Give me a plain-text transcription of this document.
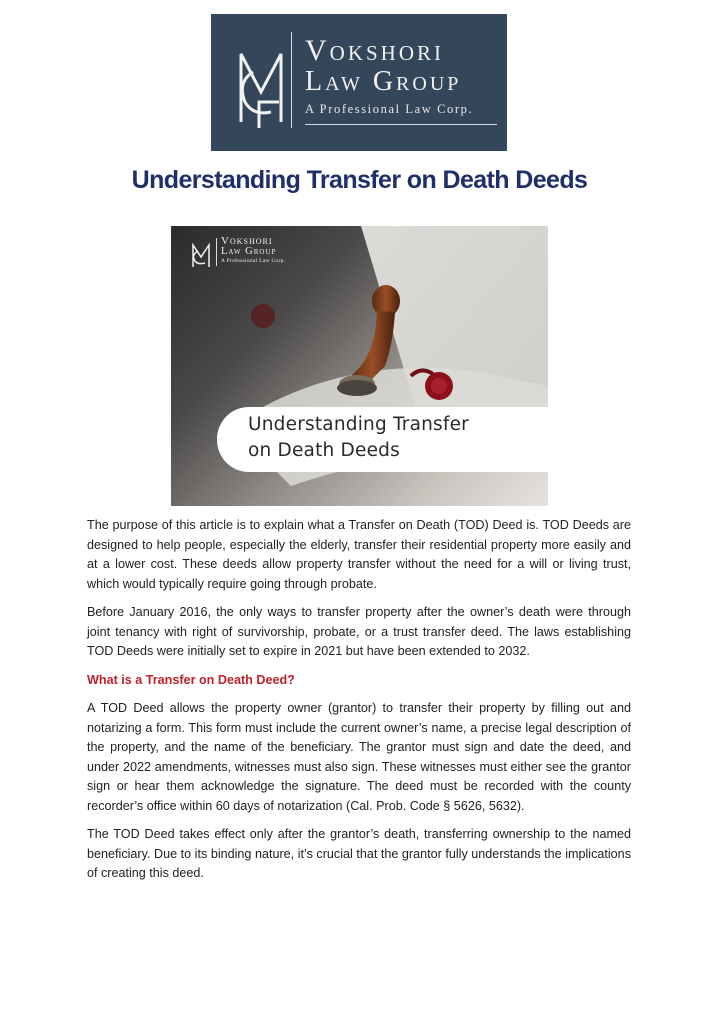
Vokshori
Law Group
A Professional Law Corp.
Understanding Transfer on Death Deeds
Vokshori
Law Group
A Professional Law Corp.
Understanding Transfer
on Death Deeds

The purpose of this article is to explain what a Transfer on Death (TOD) Deed is. TOD Deeds are designed to help people, especially the elderly, transfer their residential property more easily and at a lower cost. These deeds allow property transfer without the need for a will or living trust, which would typically require going through probate.

Before January 2016, the only ways to transfer property after the owner’s death were through joint tenancy with right of survivorship, probate, or a trust transfer deed. The laws establishing TOD Deeds were initially set to expire in 2021 but have been extended to 2032.

What is a Transfer on Death Deed?

A TOD Deed allows the property owner (grantor) to transfer their property by filling out and notarizing a form. This form must include the current owner’s name, a precise legal description of the property, and the name of the beneficiary. The grantor must sign and date the deed, and under 2022 amendments, witnesses must also sign. These witnesses must either see the grantor sign or hear them acknowledge the signature. The deed must be recorded with the county recorder’s office within 60 days of notarization (Cal. Prob. Code § 5626, 5632).

The TOD Deed takes effect only after the grantor’s death, transferring ownership to the named beneficiary. Due to its binding nature, it’s crucial that the grantor fully understands the implications of creating this deed.
